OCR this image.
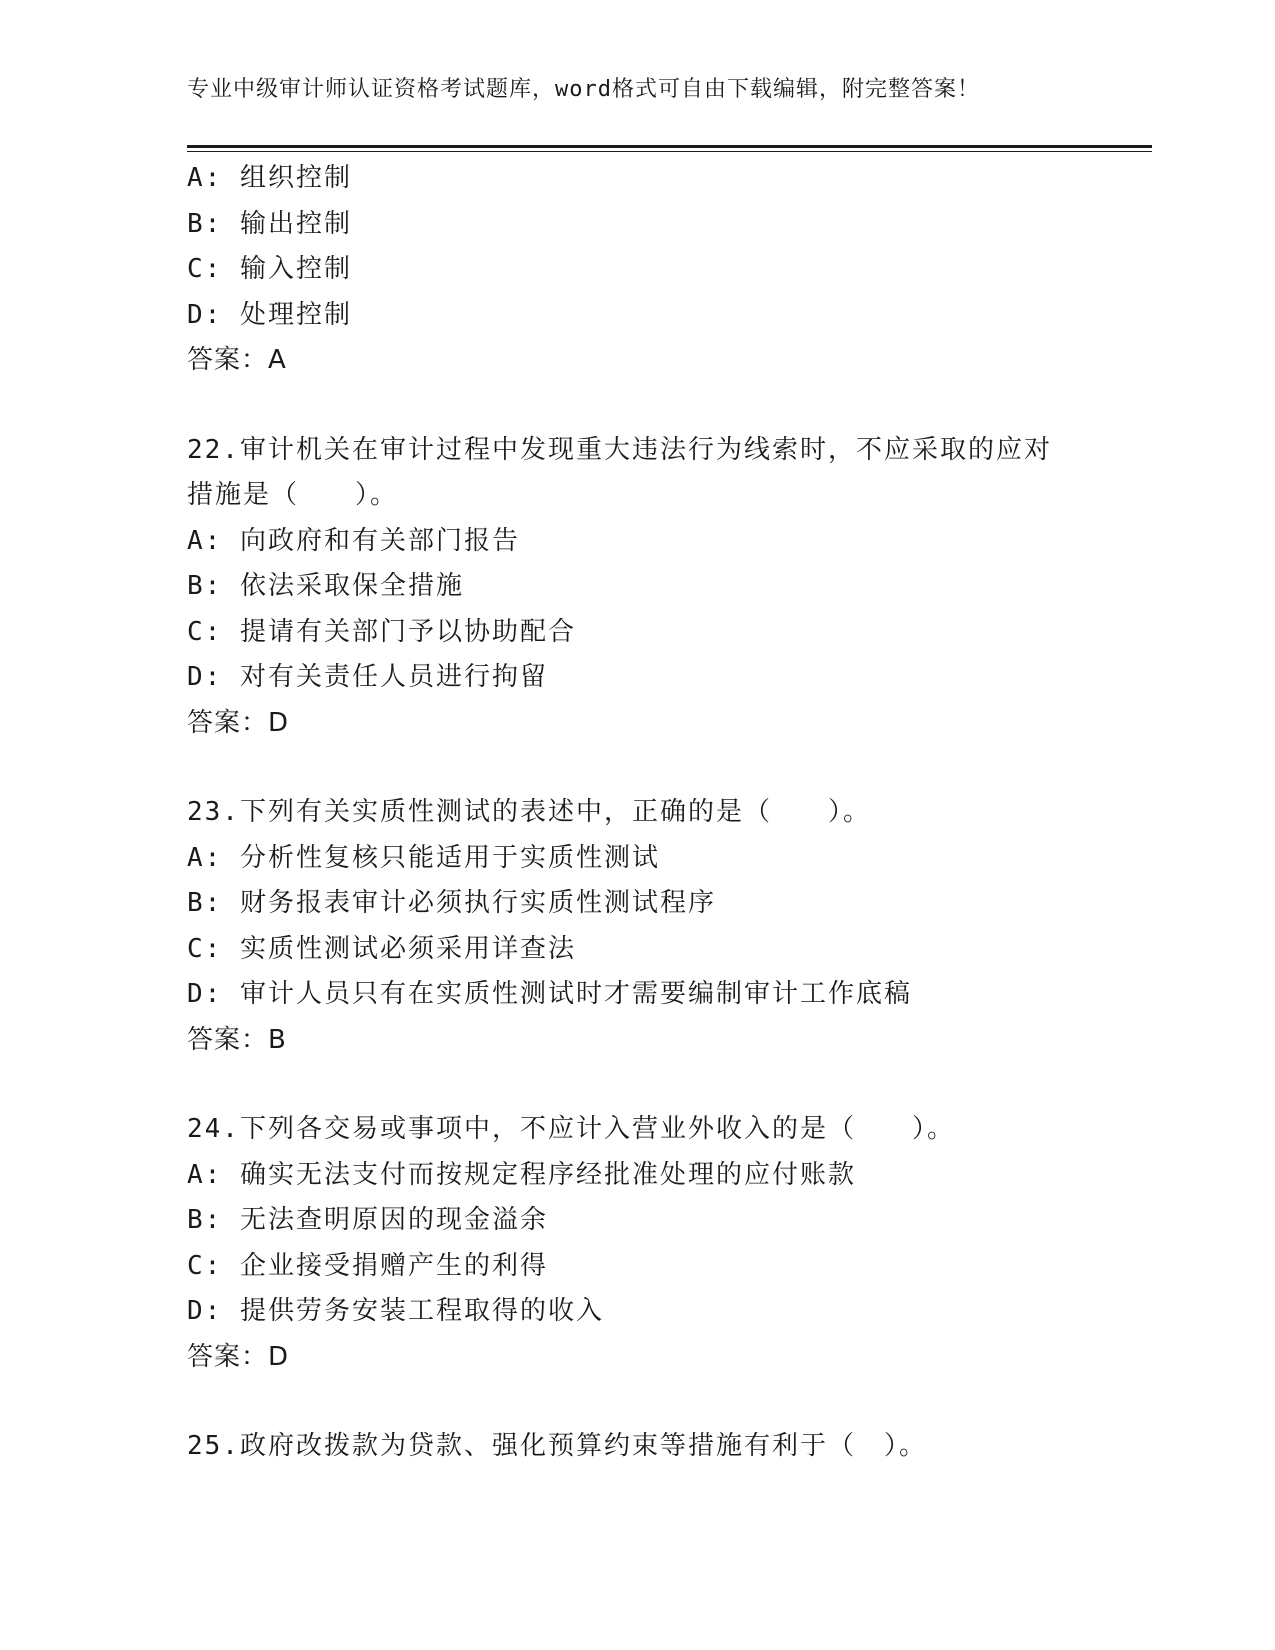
专业中级审计师认证资格考试题库，word格式可自由下载编辑，附完整答案！
A: 组织控制
B: 输出控制
C: 输入控制
D: 处理控制
答案：A
22.审计机关在审计过程中发现重大违法行为线索时，不应采取的应对
措施是（　　）。
A: 向政府和有关部门报告
B: 依法采取保全措施
C: 提请有关部门予以协助配合
D: 对有关责任人员进行拘留
答案：D
23.下列有关实质性测试的表述中，正确的是（　　）。
A: 分析性复核只能适用于实质性测试
B: 财务报表审计必须执行实质性测试程序
C: 实质性测试必须采用详查法
D: 审计人员只有在实质性测试时才需要编制审计工作底稿
答案：B
24.下列各交易或事项中，不应计入营业外收入的是（　　）。
A: 确实无法支付而按规定程序经批准处理的应付账款
B: 无法查明原因的现金溢余
C: 企业接受捐赠产生的利得
D: 提供劳务安装工程取得的收入
答案：D
25.政府改拨款为贷款、强化预算约束等措施有利于（　）。
